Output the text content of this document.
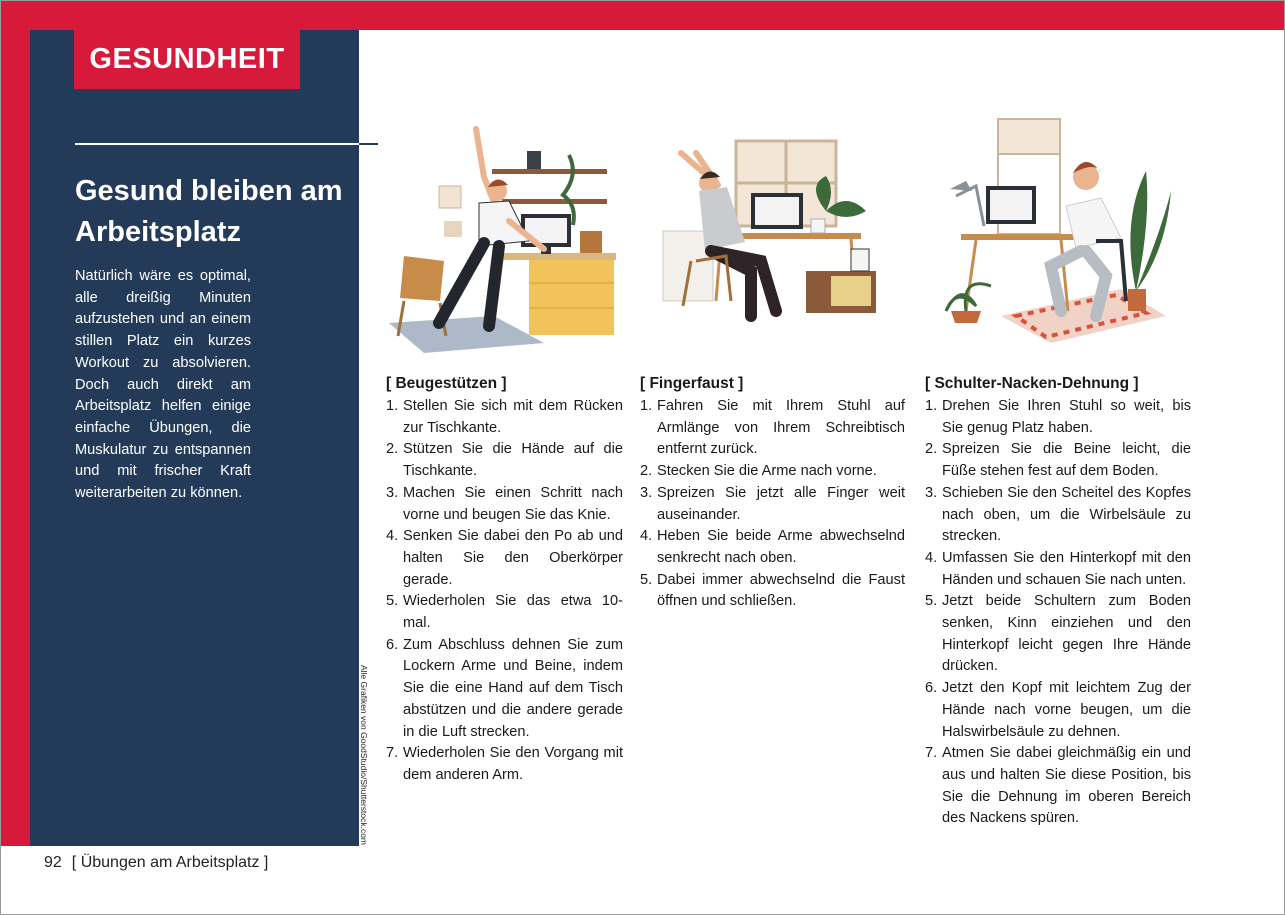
GESUNDHEIT
Gesund bleiben am Arbeitsplatz
Natürlich wäre es optimal, alle dreißig Minuten aufzustehen und an einem stillen Platz ein kurzes Workout zu absolvieren. Doch auch direkt am Arbeitsplatz helfen einige einfache Übungen, die Muskulatur zu entspannen und mit frischer Kraft weiterarbeiten zu können.
Alle Grafiken von GoodStudio/Shutterstock.com
[ Beugestützen ]
1. Stellen Sie sich mit dem Rücken zur Tischkante.
2. Stützen Sie die Hände auf die Tischkante.
3. Machen Sie einen Schritt nach vorne und beugen Sie das Knie.
4. Senken Sie dabei den Po ab und halten Sie den Oberkörper gerade.
5. Wiederholen Sie das etwa 10-mal.
6. Zum Abschluss dehnen Sie zum Lockern Arme und Beine, indem Sie die eine Hand auf dem Tisch abstützen und die andere gerade in die Luft strecken.
7. Wiederholen Sie den Vorgang mit dem anderen Arm.
[ Fingerfaust ]
1. Fahren Sie mit Ihrem Stuhl auf Armlänge von Ihrem Schreibtisch entfernt zurück.
2. Stecken Sie die Arme nach vorne.
3. Spreizen Sie jetzt alle Finger weit auseinander.
4. Heben Sie beide Arme abwechselnd senkrecht nach oben.
5. Dabei immer abwechselnd die Faust öffnen und schließen.
[ Schulter-Nacken-Dehnung ]
1. Drehen Sie Ihren Stuhl so weit, bis Sie genug Platz haben.
2. Spreizen Sie die Beine leicht, die Füße stehen fest auf dem Boden.
3. Schieben Sie den Scheitel des Kopfes nach oben, um die Wirbelsäule zu strecken.
4. Umfassen Sie den Hinterkopf mit den Händen und schauen Sie nach unten.
5. Jetzt beide Schultern zum Boden senken, Kinn einziehen und den Hinterkopf leicht gegen Ihre Hände drücken.
6. Jetzt den Kopf mit leichtem Zug der Hände nach vorne beugen, um die Halswirbelsäule zu dehnen.
7. Atmen Sie dabei gleichmäßig ein und aus und halten Sie diese Position, bis Sie die Dehnung im oberen Bereich des Nackens spüren.
92 [ Übungen am Arbeitsplatz ]
